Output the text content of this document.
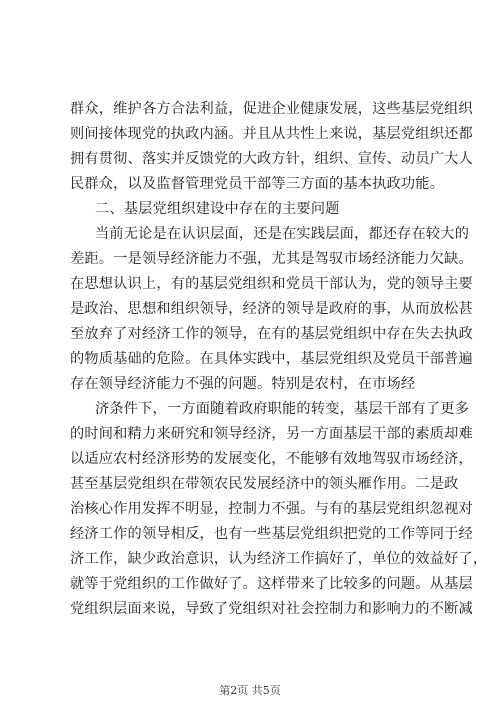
群众，维护各方合法利益，促进企业健康发展，这些基层党组织
则间接体现党的执政内涵。并且从共性上来说，基层党组织还都
拥有贯彻、落实并反馈党的大政方针，组织、宣传、动员广大人
民群众，以及监督管理党员干部等三方面的基本执政功能。
二、基层党组织建设中存在的主要问题
当前无论是在认识层面，还是在实践层面，都还存在较大的
差距。一是领导经济能力不强，尤其是驾驭市场经济能力欠缺。
在思想认识上，有的基层党组织和党员干部认为，党的领导主要
是政治、思想和组织领导，经济的领导是政府的事，从而放松甚
至放弃了对经济工作的领导，在有的基层党组织中存在失去执政
的物质基础的危险。在具体实践中，基层党组织及党员干部普遍
存在领导经济能力不强的问题。特别是农村，在市场经
济条件下，一方面随着政府职能的转变，基层干部有了更多
的时间和精力来研究和领导经济，另一方面基层干部的素质却难
以适应农村经济形势的发展变化，不能够有效地驾驭市场经济，
甚至基层党组织在带领农民发展经济中的领头雁作用。二是政
治核心作用发挥不明显，控制力不强。与有的基层党组织忽视对
经济工作的领导相反，也有一些基层党组织把党的工作等同于经
济工作，缺少政治意识，认为经济工作搞好了，单位的效益好了，
就等于党组织的工作做好了。这样带来了比较多的问题。从基层
党组织层面来说，导致了党组织对社会控制力和影响力的不断减
第2页 共5页
